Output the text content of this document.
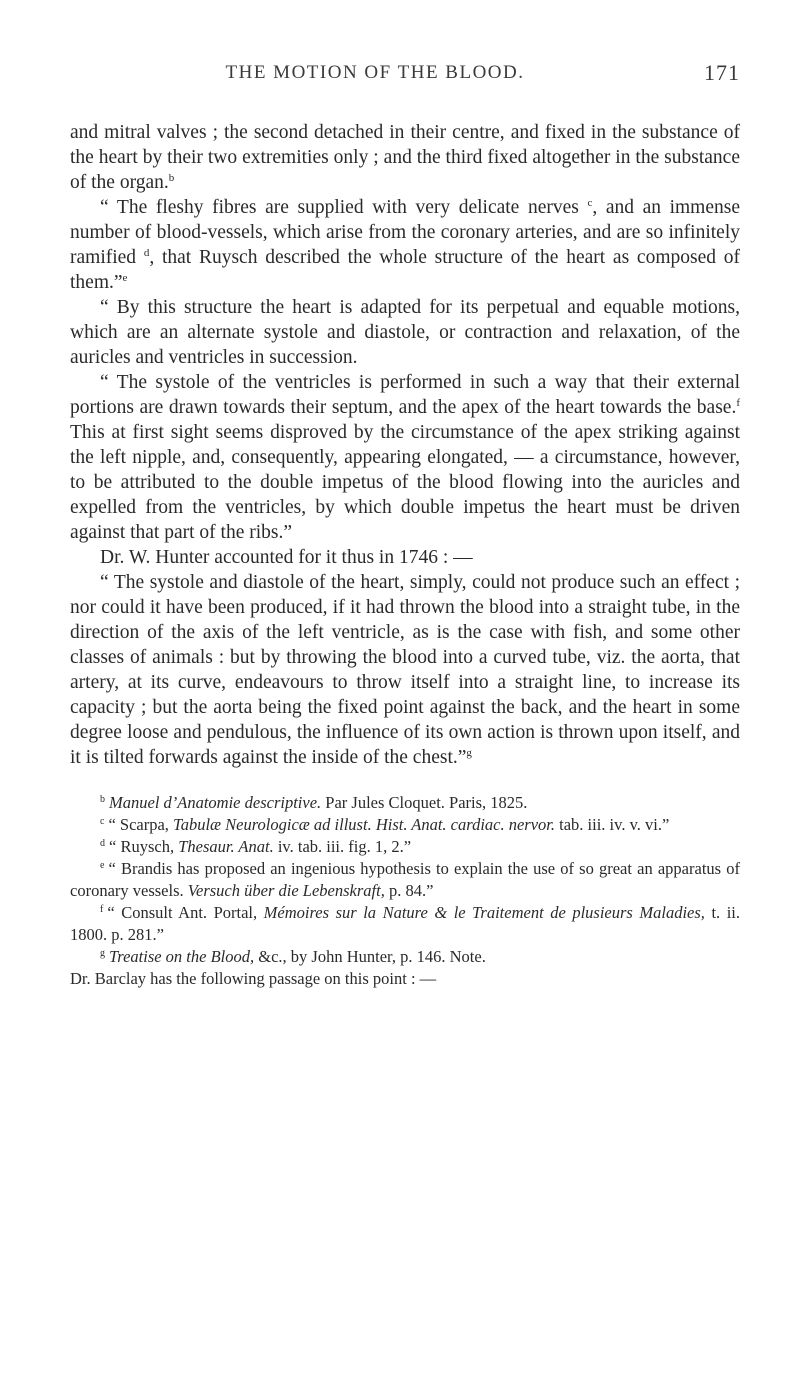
THE MOTION OF THE BLOOD.	171

and mitral valves ; the second detached in their centre, and fixed in the substance of the heart by their two extremities only ; and the third fixed altogether in the substance of the organ.$^b$

“ The fleshy fibres are supplied with very delicate nerves $^c$, and an immense number of blood-vessels, which arise from the coronary arteries, and are so infinitely ramified $^d$, that Ruysch described the whole structure of the heart as composed of them.”$^e$

“ By this structure the heart is adapted for its perpetual and equable motions, which are an alternate systole and diastole, or contraction and relaxation, of the auricles and ventricles in succession.

“ The systole of the ventricles is performed in such a way that their external portions are drawn towards their septum, and the apex of the heart towards the base.$^f$ This at first sight seems disproved by the circumstance of the apex striking against the left nipple, and, consequently, appearing elongated, — a circumstance, however, to be attributed to the double impetus of the blood flowing into the auricles and expelled from the ventricles, by which double impetus the heart must be driven against that part of the ribs.”

Dr. W. Hunter accounted for it thus in 1746 : —

“ The systole and diastole of the heart, simply, could not produce such an effect ; nor could it have been produced, if it had thrown the blood into a straight tube, in the direction of the axis of the left ventricle, as is the case with fish, and some other classes of animals : but by throwing the blood into a curved tube, viz. the aorta, that artery, at its curve, endeavours to throw itself into a straight line, to increase its capacity ; but the aorta being the fixed point against the back, and the heart in some degree loose and pendulous, the influence of its own action is thrown upon itself, and it is tilted forwards against the inside of the chest.”$^g$

$^b$ Manuel d’Anatomie descriptive. Par Jules Cloquet. Paris, 1825.

$^c$ “ Scarpa, Tabulæ Neurologicæ ad illust. Hist. Anat. cardiac. nervor. tab. iii. iv. v. vi.”

$^d$ “ Ruysch, Thesaur. Anat. iv. tab. iii. fig. 1, 2.”

$^e$ “ Brandis has proposed an ingenious hypothesis to explain the use of so great an apparatus of coronary vessels. Versuch über die Lebenskraft, p. 84.”

$^f$ “ Consult Ant. Portal, Mémoires sur la Nature & le Traitement de plusieurs Maladies, t. ii. 1800. p. 281.”

$^g$ Treatise on the Blood, &c., by John Hunter, p. 146. Note.

Dr. Barclay has the following passage on this point : —
